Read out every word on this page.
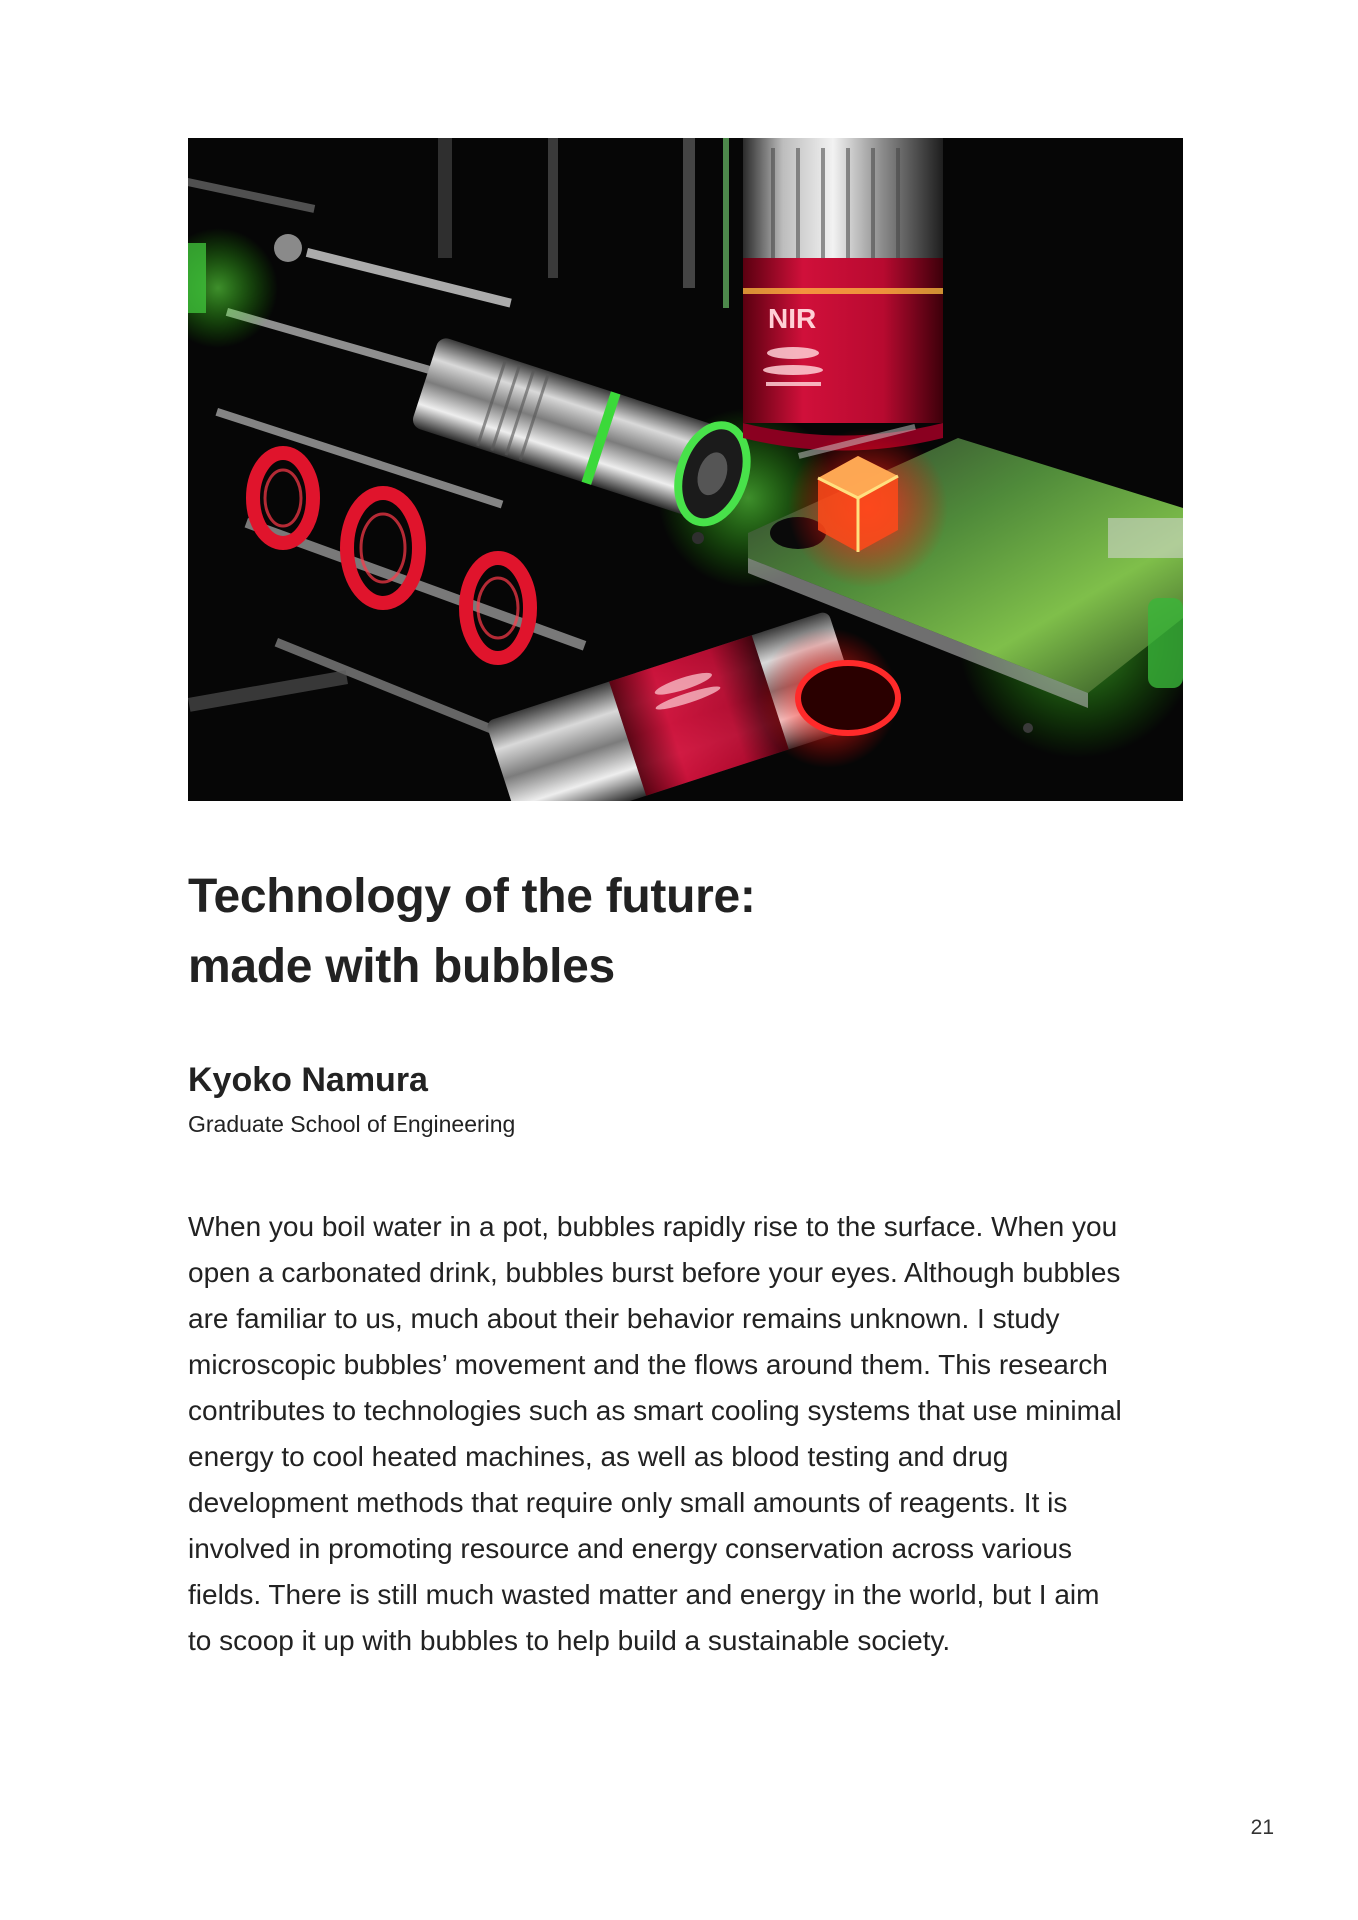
NIR
Technology of the future:
made with bubbles

Kyoko Namura

Graduate School of Engineering

When you boil water in a pot, bubbles rapidly rise to the surface. When you
open a carbonated drink, bubbles burst before your eyes. Although bubbles
are familiar to us, much about their behavior remains unknown. I study
microscopic bubbles’ movement and the flows around them. This research
contributes to technologies such as smart cooling systems that use minimal
energy to cool heated machines, as well as blood testing and drug
development methods that require only small amounts of reagents. It is
involved in promoting resource and energy conservation across various
fields. There is still much wasted matter and energy in the world, but I aim
to scoop it up with bubbles to help build a sustainable society.
21
